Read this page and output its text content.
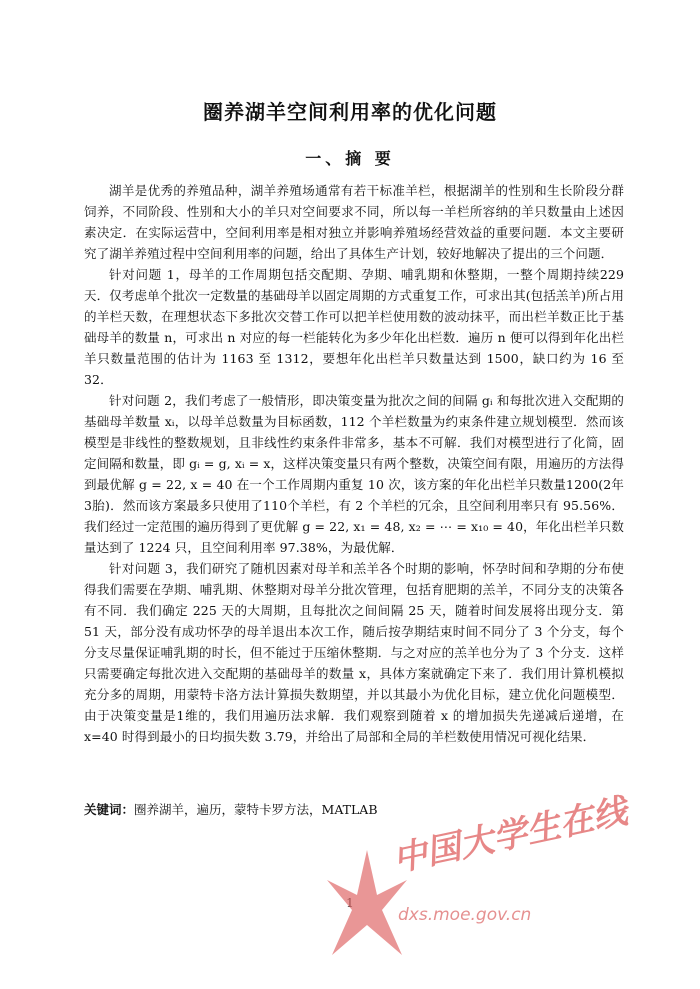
圈养湖羊空间利用率的优化问题
一、摘 要

湖羊是优秀的养殖品种，湖羊养殖场通常有若干标准羊栏，根据湖羊的性别和生长阶段分群饲养，不同阶段、性别和大小的羊只对空间要求不同，所以每一羊栏所容纳的羊只数量由上述因素决定．在实际运营中，空间利用率是相对独立并影响养殖场经营效益的重要问题．本文主要研究了湖羊养殖过程中空间利用率的问题，给出了具体生产计划，较好地解决了提出的三个问题．

针对问题 1，母羊的工作周期包括交配期、孕期、哺乳期和休整期，一整个周期持续229天．仅考虑单个批次一定数量的基础母羊以固定周期的方式重复工作，可求出其(包括羔羊)所占用的羊栏天数，在理想状态下多批次交替工作可以把羊栏使用数的波动抹平，而出栏羊数正比于基础母羊的数量 n，可求出 n 对应的每一栏能转化为多少年化出栏数．遍历 n 便可以得到年化出栏羊只数量范围的估计为 1163 至 1312，要想年化出栏羊只数量达到 1500，缺口约为 16 至 32．

针对问题 2，我们考虑了一般情形，即决策变量为批次之间的间隔 gᵢ 和每批次进入交配期的基础母羊数量 xᵢ，以母羊总数量为目标函数，112 个羊栏数量为约束条件建立规划模型．然而该模型是非线性的整数规划，且非线性约束条件非常多，基本不可解．我们对模型进行了化简，固定间隔和数量，即 gᵢ = g, xᵢ = x，这样决策变量只有两个整数，决策空间有限，用遍历的方法得到最优解 g = 22, x = 40 在一个工作周期内重复 10 次，该方案的年化出栏羊只数量1200(2年3胎)．然而该方案最多只使用了110个羊栏，有 2 个羊栏的冗余，且空间利用率只有 95.56%．我们经过一定范围的遍历得到了更优解 g = 22, x₁ = 48, x₂ = ⋯ = x₁₀ = 40，年化出栏羊只数量达到了 1224 只，且空间利用率 97.38%，为最优解．

针对问题 3，我们研究了随机因素对母羊和羔羊各个时期的影响，怀孕时间和孕期的分布使得我们需要在孕期、哺乳期、休整期对母羊分批次管理，包括育肥期的羔羊，不同分支的决策各有不同．我们确定 225 天的大周期，且每批次之间间隔 25 天，随着时间发展将出现分支．第 51 天，部分没有成功怀孕的母羊退出本次工作，随后按孕期结束时间不同分了 3 个分支，每个分支尽量保证哺乳期的时长，但不能过于压缩休整期．与之对应的羔羊也分为了 3 个分支．这样只需要确定每批次进入交配期的基础母羊的数量 x，具体方案就确定下来了．我们用计算机模拟充分多的周期，用蒙特卡洛方法计算损失数期望，并以其最小为优化目标，建立优化问题模型．由于决策变量是1维的，我们用遍历法求解．我们观察到随着 x 的增加损失先递减后递增，在 x=40 时得到最小的日均损失数 3.79，并给出了局部和全局的羊栏数使用情况可视化结果．

关键词：圈养湖羊，遍历，蒙特卡罗方法，MATLAB 中国大学生在线
dxs.moe.gov.cn
